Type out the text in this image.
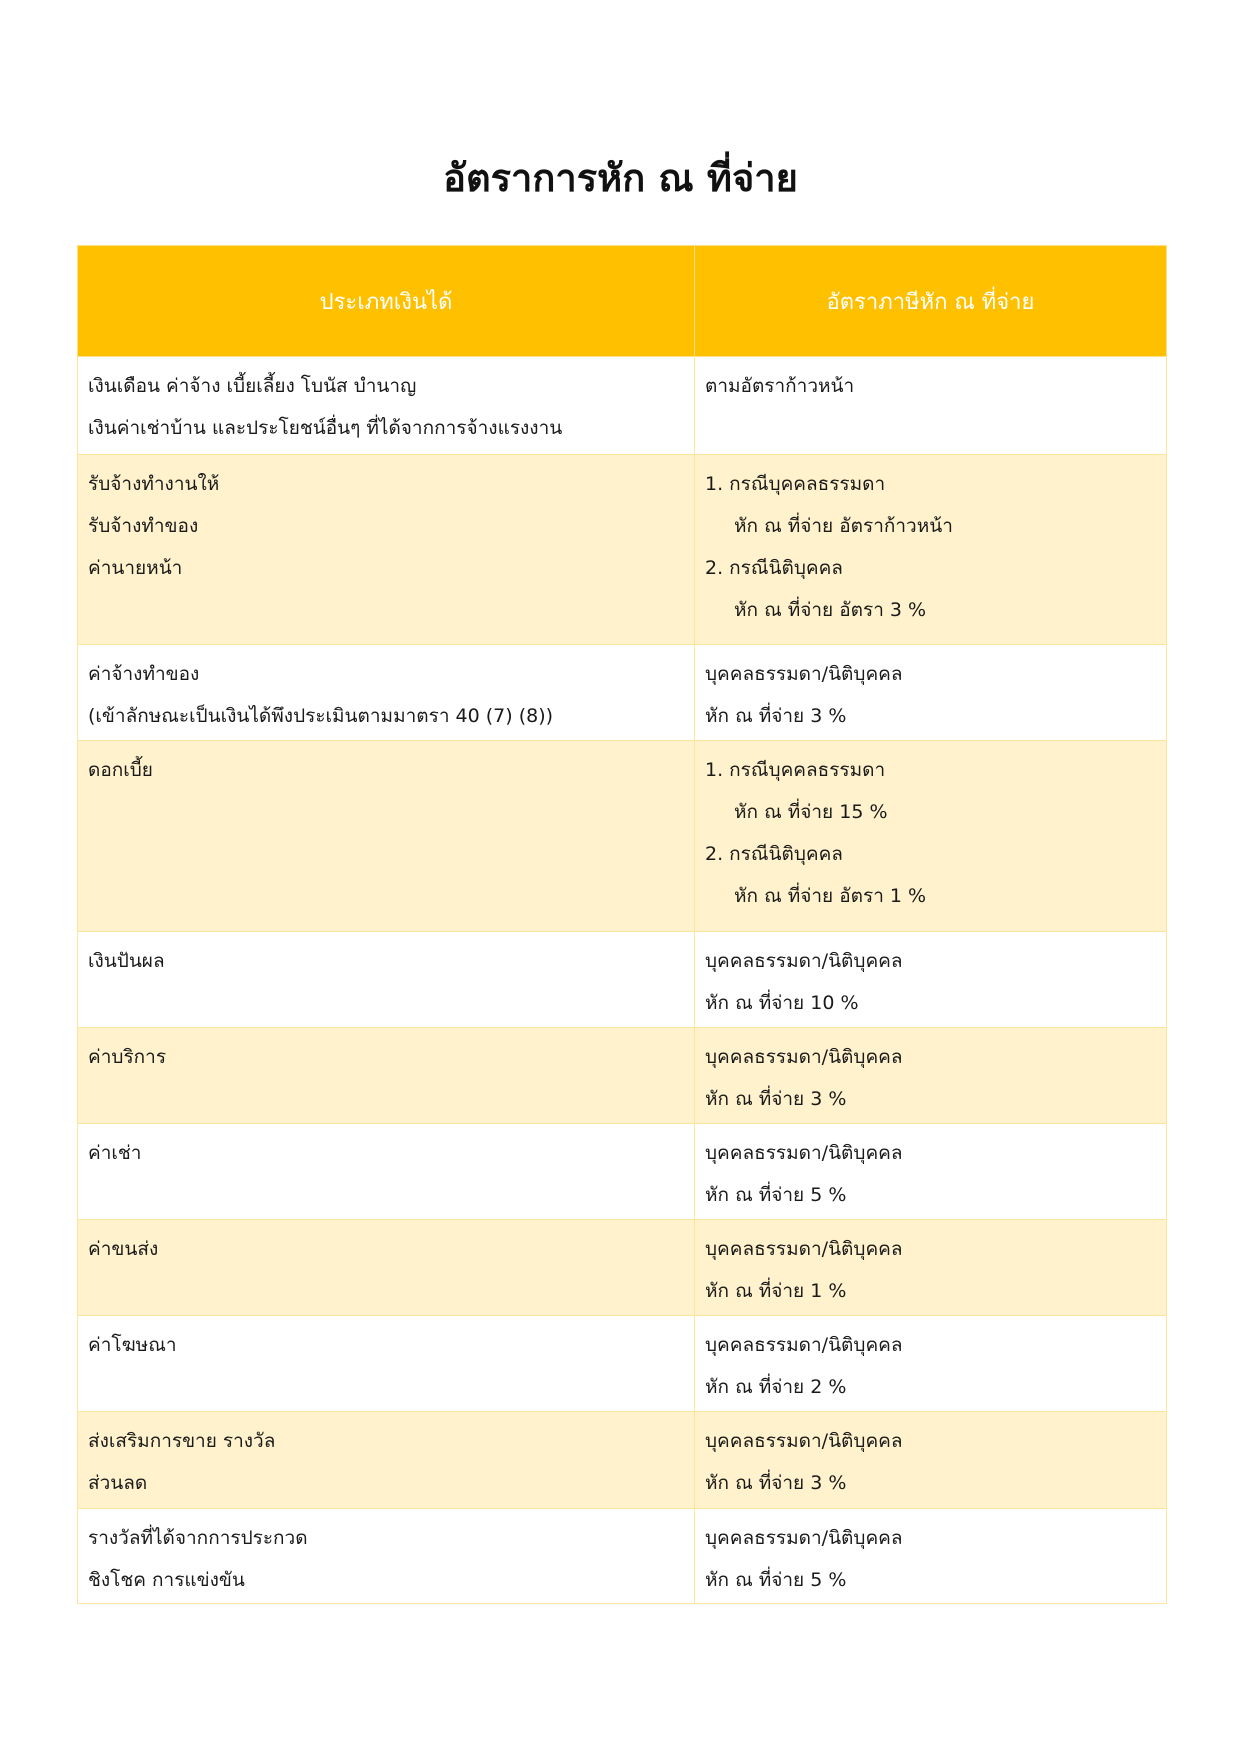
อัตราการหัก ณ ที่จ่าย
ประเภทเงินได้	อัตราภาษีหัก ณ ที่จ่าย

เงินเดือน ค่าจ้าง เบี้ยเลี้ยง โบนัส บำนาญ
เงินค่าเช่าบ้าน และประโยชน์อื่นๆ ที่ได้จากการจ้างแรงงาน	ตามอัตราก้าวหน้า

รับจ้างทำงานให้
รับจ้างทำของ
ค่านายหน้า	1. กรณีบุคคลธรรมดา
หัก ณ ที่จ่าย อัตราก้าวหน้า
2. กรณีนิติบุคคล
หัก ณ ที่จ่าย อัตรา 3 %

ค่าจ้างทำของ
(เข้าลักษณะเป็นเงินได้พึงประเมินตามมาตรา 40 (7) (8))	บุคคลธรรมดา/นิติบุคคล
หัก ณ ที่จ่าย 3 %

ดอกเบี้ย	1. กรณีบุคคลธรรมดา
หัก ณ ที่จ่าย 15 %
2. กรณีนิติบุคคล
หัก ณ ที่จ่าย อัตรา 1 %

เงินปันผล	บุคคลธรรมดา/นิติบุคคล
หัก ณ ที่จ่าย 10 %

ค่าบริการ	บุคคลธรรมดา/นิติบุคคล
หัก ณ ที่จ่าย 3 %

ค่าเช่า	บุคคลธรรมดา/นิติบุคคล
หัก ณ ที่จ่าย 5 %

ค่าขนส่ง	บุคคลธรรมดา/นิติบุคคล
หัก ณ ที่จ่าย 1 %

ค่าโฆษณา	บุคคลธรรมดา/นิติบุคคล
หัก ณ ที่จ่าย 2 %

ส่งเสริมการขาย รางวัล
ส่วนลด	บุคคลธรรมดา/นิติบุคคล
หัก ณ ที่จ่าย 3 %

รางวัลที่ได้จากการประกวด
ชิงโชค การแข่งขัน	บุคคลธรรมดา/นิติบุคคล
หัก ณ ที่จ่าย 5 %
